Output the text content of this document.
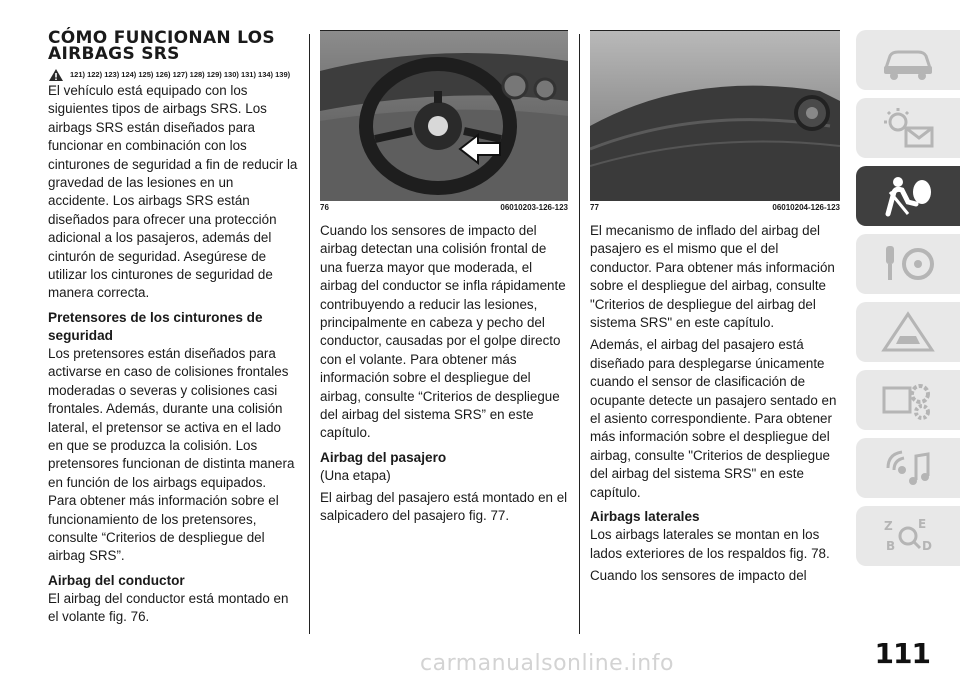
CÓMO FUNCIONAN LOS
AIRBAGS SRS
121) 122) 123) 124) 125) 126) 127) 128) 129) 130) 131) 134) 139)

El vehículo está equipado con los siguientes tipos de airbags SRS. Los airbags SRS están diseñados para funcionar en combinación con los cinturones de seguridad a fin de reducir la gravedad de las lesiones en un accidente. Los airbags SRS están diseñados para ofrecer una protección adicional a los pasajeros, además del cinturón de seguridad. Asegúrese de utilizar los cinturones de seguridad de manera correcta.

Pretensores de los cinturones de seguridad

Los pretensores están diseñados para activarse en caso de colisiones frontales moderadas o severas y colisiones casi frontales. Además, durante una colisión lateral, el pretensor se activa en el lado en que se produzca la colisión. Los pretensores funcionan de distinta manera en función de los airbags equipados. Para obtener más información sobre el funcionamiento de los pretensores, consulte “Criterios de despliegue del airbag SRS”.

Airbag del conductor

El airbag del conductor está montado en el volante fig. 76.

76	06010203-126-123

Cuando los sensores de impacto del airbag detectan una colisión frontal de una fuerza mayor que moderada, el airbag del conductor se infla rápidamente contribuyendo a reducir las lesiones, principalmente en cabeza y pecho del conductor, causadas por el golpe directo con el volante. Para obtener más información sobre el despliegue del airbag, consulte “Criterios de despliegue del airbag del sistema SRS” en este capítulo.

Airbag del pasajero
(Una etapa)

El airbag del pasajero está montado en el salpicadero del pasajero fig. 77.

77	06010204-126-123

El mecanismo de inflado del airbag del pasajero es el mismo que el del conductor. Para obtener más información sobre el despliegue del airbag, consulte "Criterios de despliegue del airbag del sistema SRS" en este capítulo.

Además, el airbag del pasajero está diseñado para desplegarse únicamente cuando el sensor de clasificación de ocupante detecte un pasajero sentado en el asiento correspondiente. Para obtener más información sobre el despliegue del airbag, consulte "Criterios de despliegue del airbag del sistema SRS" en este capítulo.

Airbags laterales

Los airbags laterales se montan en los lados exteriores de los respaldos fig. 78.

Cuando los sensores de impacto del

Z E
B D
carmanualsonline.info	111
